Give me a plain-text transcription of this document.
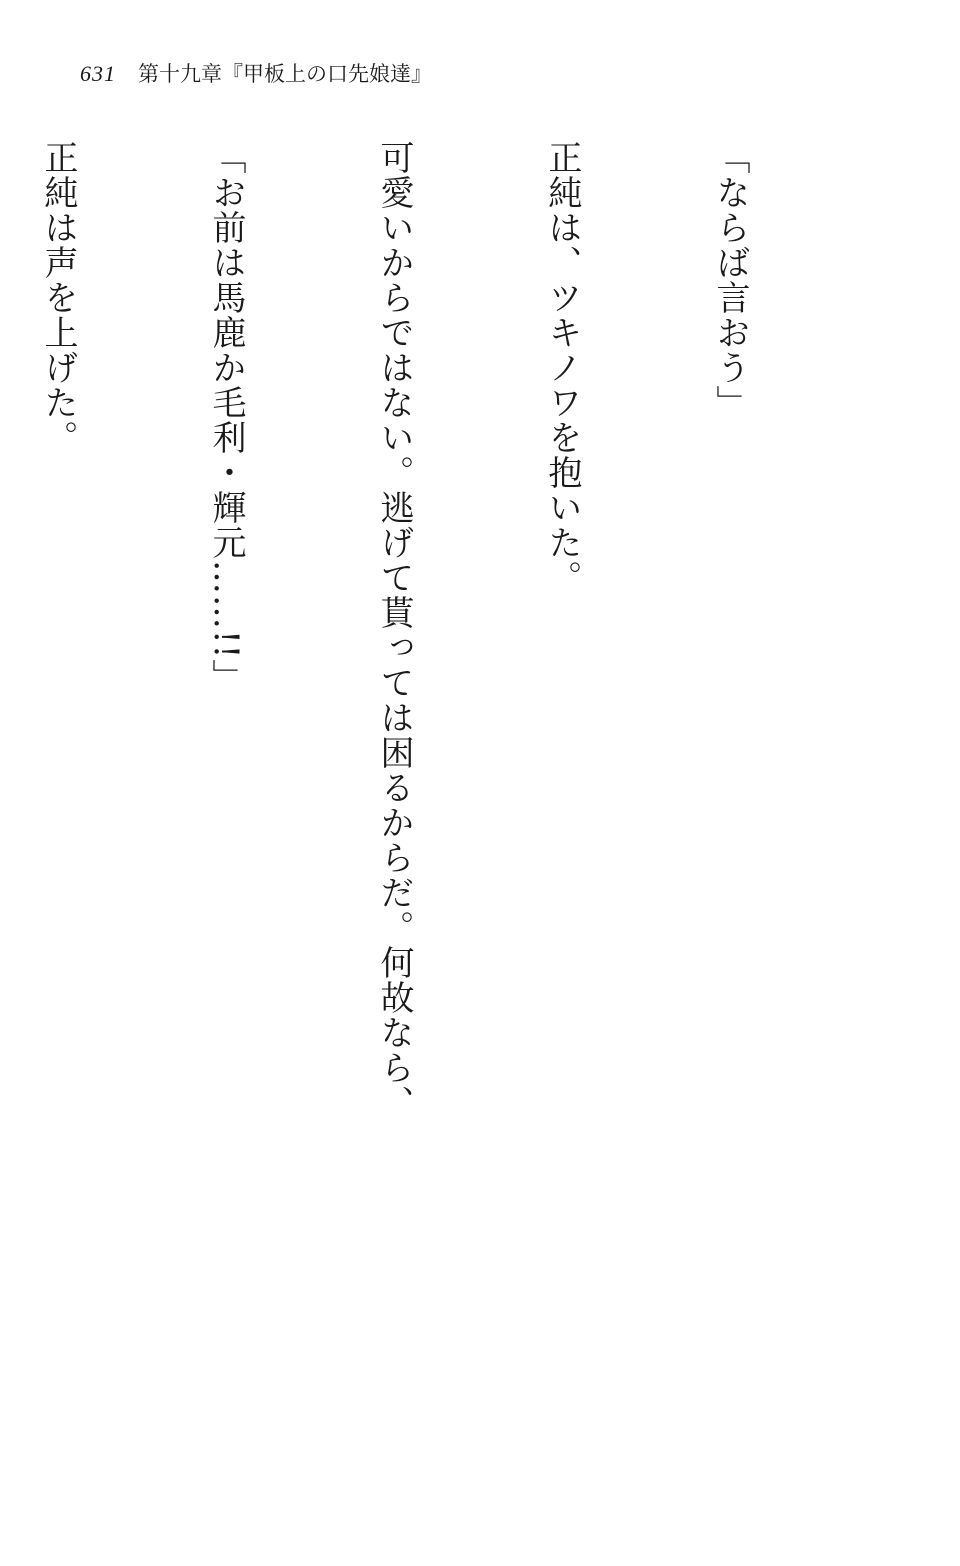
631 第十九章『甲板上の口先娘達』

「ならば言おう」

正純は、ツキノワを抱いた。

可愛いからではない。逃げて貰っては困るからだ。何故なら、

「お前は馬鹿か毛利・輝元……!!」

正純は声を上げた。
